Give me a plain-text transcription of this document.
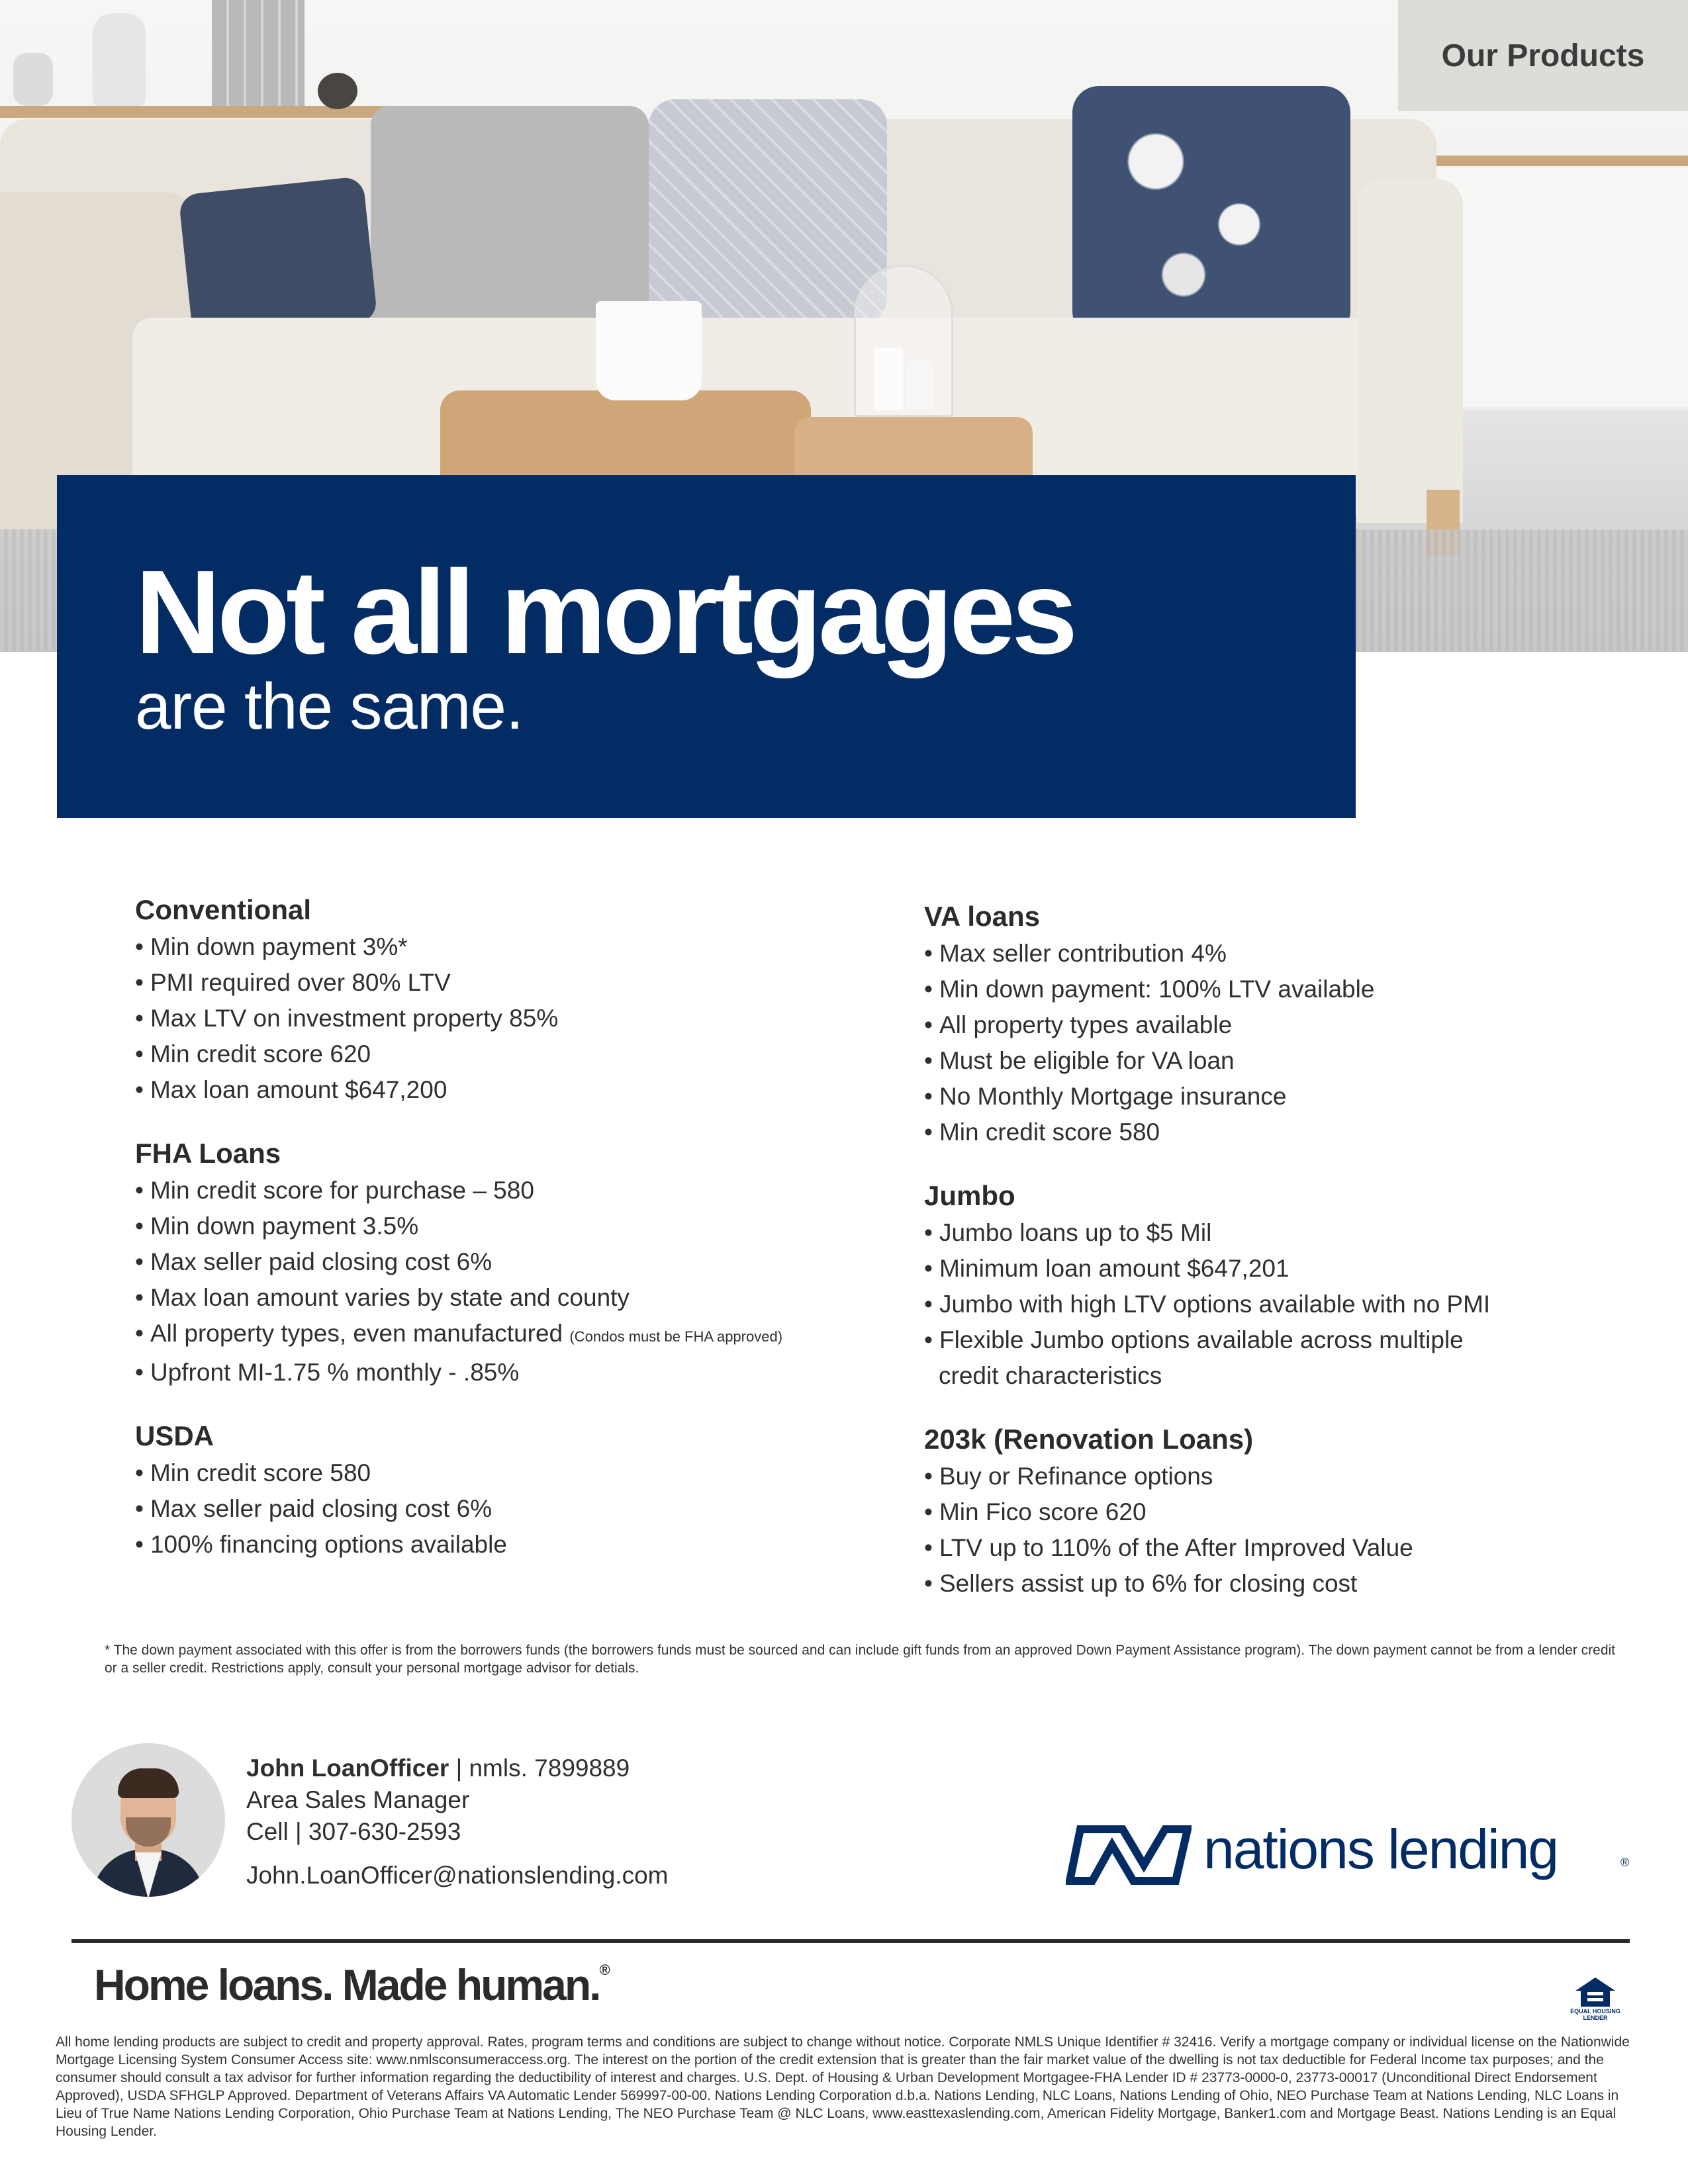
Our Products
Not all mortgages
are the same.
Conventional
• Min down payment 3%*
• PMI required over 80% LTV
• Max LTV on investment property 85%
• Min credit score 620
• Max loan amount $647,200
FHA Loans
• Min credit score for purchase – 580
• Min down payment 3.5%
• Max seller paid closing cost 6%
• Max loan amount varies by state and county
• All property types, even manufactured (Condos must be FHA approved)
• Upfront MI-1.75 % monthly - .85%
USDA
• Min credit score 580
• Max seller paid closing cost 6%
• 100% financing options available
VA loans
• Max seller contribution 4%
• Min down payment: 100% LTV available
• All property types available
• Must be eligible for VA loan
• No Monthly Mortgage insurance
• Min credit score 580
Jumbo
• Jumbo loans up to $5 Mil
• Minimum loan amount $647,201
• Jumbo with high LTV options available with no PMI
• Flexible Jumbo options available across multiple
credit characteristics
203k (Renovation Loans)
• Buy or Refinance options
• Min Fico score 620
• LTV up to 110% of the After Improved Value
• Sellers assist up to 6% for closing cost
* The down payment associated with this offer is from the borrowers funds (the borrowers funds must be sourced and can include gift funds from an approved Down Payment Assistance program). The down payment cannot be from a lender credit or a seller credit. Restrictions apply, consult your personal mortgage advisor for detials.
John LoanOfficer | nmls. 7899889
Area Sales Manager
Cell | 307-630-2593
John.LoanOfficer@nationslending.com	nations lending	®
Home loans. Made human.®
EQUAL HOUSING LENDER
All home lending products are subject to credit and property approval. Rates, program terms and conditions are subject to change without notice. Corporate NMLS Unique Identifier # 32416. Verify a mortgage company or individual license on the Nationwide Mortgage Licensing System Consumer Access site: www.nmlsconsumeraccess.org. The interest on the portion of the credit extension that is greater than the fair market value of the dwelling is not tax deductible for Federal Income tax purposes; and the consumer should consult a tax advisor for further information regarding the deductibility of interest and charges. U.S. Dept. of Housing & Urban Development Mortgagee-FHA Lender ID # 23773-0000-0, 23773-00017 (Unconditional Direct Endorsement Approved), USDA SFHGLP Approved. Department of Veterans Affairs VA Automatic Lender 569997-00-00. Nations Lending Corporation d.b.a. Nations Lending, NLC Loans, Nations Lending of Ohio, NEO Purchase Team at Nations Lending, NLC Loans in Lieu of True Name Nations Lending Corporation, Ohio Purchase Team at Nations Lending, The NEO Purchase Team @ NLC Loans, www.easttexaslending.com, American Fidelity Mortgage, Banker1.com and Mortgage Beast. Nations Lending is an Equal Housing Lender.
